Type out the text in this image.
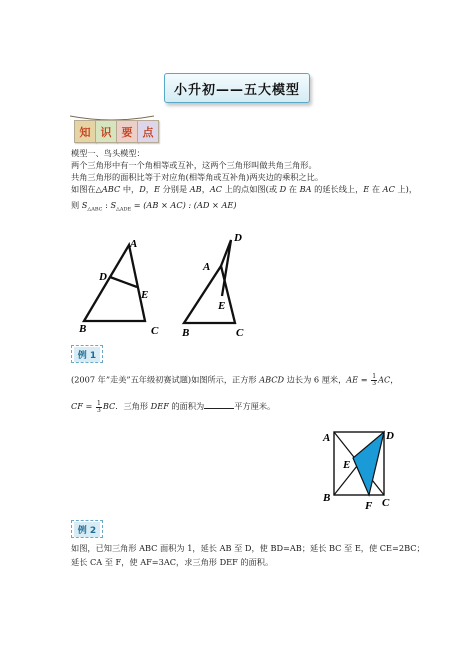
小升初——五大模型
知 识 要 点
模型一、鸟头模型：
两个三角形中有一个角相等或互补，这两个三角形叫做共角三角形。
共角三角形的面积比等于对应角(相等角或互补角)两夹边的乘积之比。
如图在△ABC 中，D，E 分别是 AB，AC 上的点如图(或 D 在 BA 的延长线上，E 在 AC 上)，
则 $S_{\triangle ABC}$ : $S_{\triangle ADE} = (AB \times AC)$ : (AD × AE)
A
D
E
B	C
D
A
E
B	C
例 1
(2007 年”走美”五年级初赛试题)如图所示，正方形 ABCD 边长为 6 厘米，AE = $\frac{1}{3}$ AC，
CF = $\frac{1}{3}$ BC．三角形 DEF 的面积为	平方厘米。
A	D
E
B
F C
例 2
如图，已知三角形 ABC 面积为 1，延长 AB 至 D，使 BD=AB；延长 BC 至 E，使 CE=2BC；
延长 CA 至 F，使 AF=3AC，求三角形 DEF 的面积。
